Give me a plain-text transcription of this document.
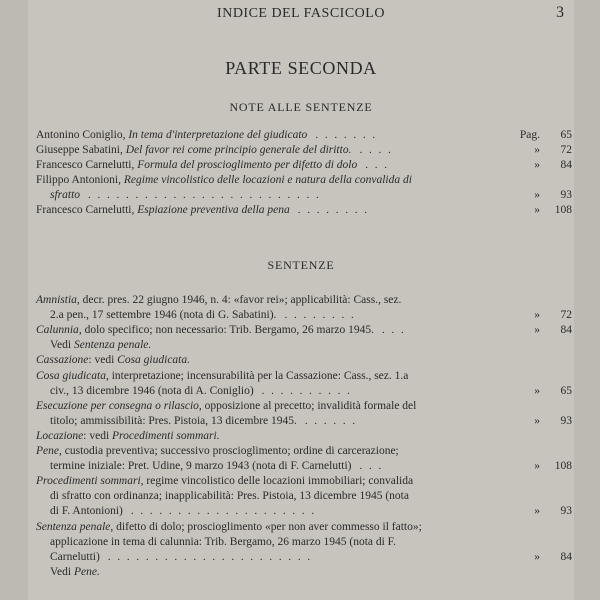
INDICE DEL FASCICOLO	3
PARTE SECONDA
NOTE ALLE SENTENZE
Antonino Coniglio, In tema d'interpretazione del giudicato . . . . . . .	Pag.	65
Giuseppe Sabatini, Del favor rei come principio generale del diritto. . . . .	»	72
Francesco Carnelutti, Formula del proscioglimento per difetto di dolo . . .	»	84
Filippo Antonioni, Regime vincolistico delle locazioni e natura della convalida di
sfratto . . . . . . . . . . . . . . . . . . . . . . . . .	»	93
Francesco Carnelutti, Espiazione preventiva della pena . . . . . . . .	»	108
SENTENZE
Amnistia, decr. pres. 22 giugno 1946, n. 4: «favor rei»; applicabilità: Cass., sez.
2.a pen., 17 settembre 1946 (nota di G. Sabatini). . . . . . . . .	»	72
Calunnia, dolo specifico; non necessario: Trib. Bergamo, 26 marzo 1945. . . .	»	84
Vedi Sentenza penale.
Cassazione: vedi Cosa giudicata.
Cosa giudicata, interpretazione; incensurabilità per la Cassazione: Cass., sez. 1.a
civ., 13 dicembre 1946 (nota di A. Coniglio) . . . . . . . . . .	»	65
Esecuzione per consegna o rilascio, opposizione al precetto; invalidità formale del
titolo; ammissibilità: Pres. Pistoia, 13 dicembre 1945. . . . . . .	»	93
Locazione: vedi Procedimenti sommari.
Pene, custodia preventiva; successivo proscioglimento; ordine di carcerazione;
termine iniziale: Pret. Udine, 9 marzo 1943 (nota di F. Carnelutti) . . .	»	108
Procedimenti sommari, regime vincolistico delle locazioni immobiliari; convalida
di sfratto con ordinanza; inapplicabilità: Pres. Pistoia, 13 dicembre 1945 (nota
di F. Antonioni) . . . . . . . . . . . . . . . . . . . .	»	93
Sentenza penale, difetto di dolo; proscioglimento «per non aver commesso il fatto»;
applicazione in tema di calunnia: Trib. Bergamo, 26 marzo 1945 (nota di F.
Carnelutti) . . . . . . . . . . . . . . . . . . . . . .	»	84
Vedi Pene.
